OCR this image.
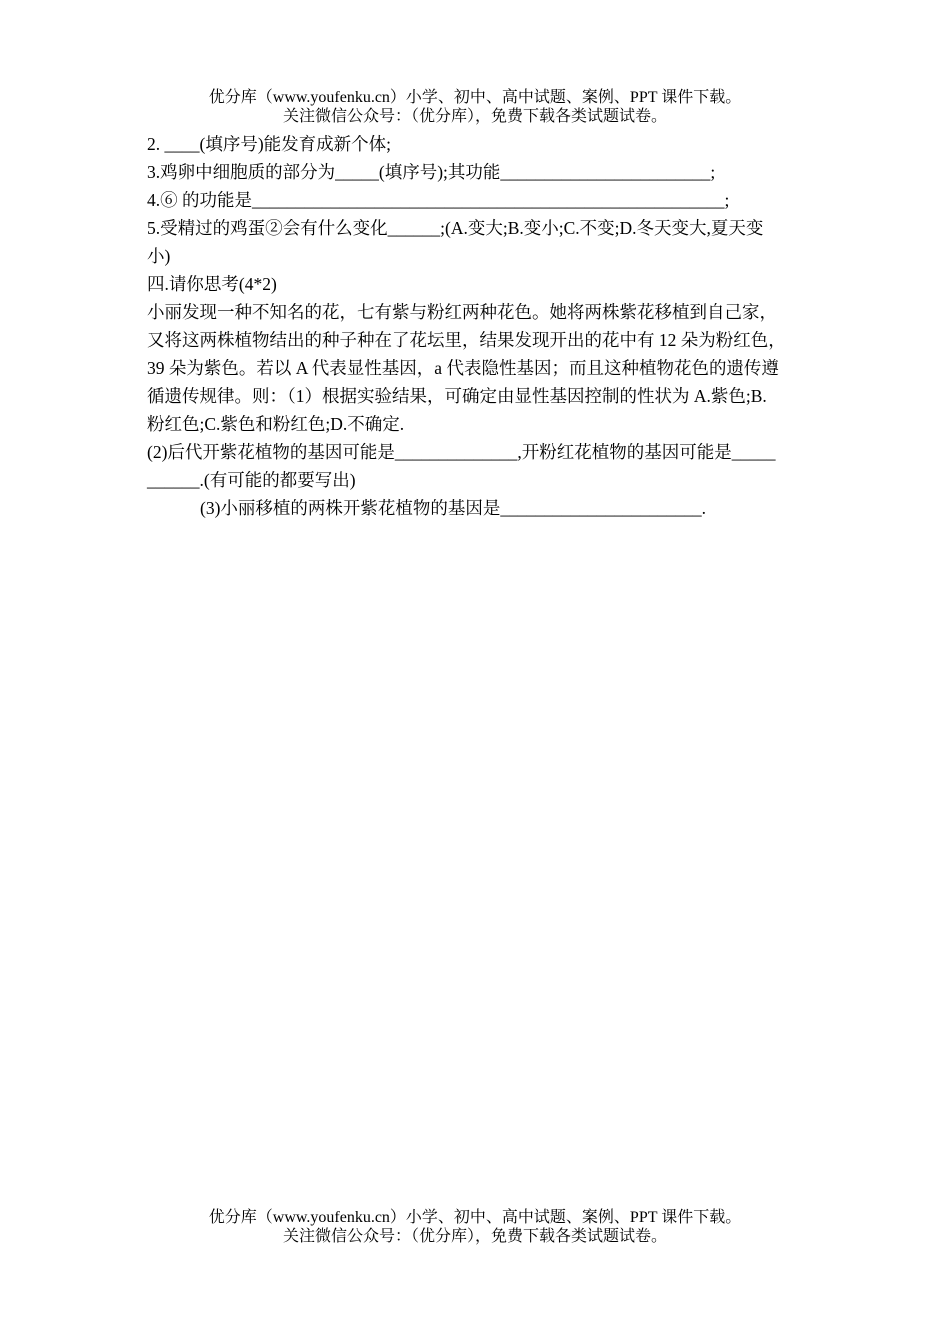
优分库（www.youfenku.cn）小学、初中、高中试题、案例、PPT 课件下载。
关注微信公众号：（优分库），免费下载各类试题试卷。

2. ____(填序号)能发育成新个体;

3.鸡卵中细胞质的部分为_____(填序号);其功能________________________;

4.⑥ 的功能是______________________________________________________;

5.受精过的鸡蛋②会有什么变化______;(A.变大;B.变小;C.不变;D.冬天变大,夏天变

小)

四.请你思考(4*2)

小丽发现一种不知名的花，七有紫与粉红两种花色。她将两株紫花移植到自己家，

又将这两株植物结出的种子种在了花坛里，结果发现开出的花中有 12 朵为粉红色，

39 朵为紫色。若以 A 代表显性基因，a 代表隐性基因；而且这种植物花色的遗传遵

循遗传规律。则：（1）根据实验结果，可确定由显性基因控制的性状为 A.紫色;B.

粉红色;C.紫色和粉红色;D.不确定.

(2)后代开紫花植物的基因可能是______________,开粉红花植物的基因可能是_____

______.(有可能的都要写出)

(3)小丽移植的两株开紫花植物的基因是_______________________.

优分库（www.youfenku.cn）小学、初中、高中试题、案例、PPT 课件下载。
关注微信公众号：（优分库），免费下载各类试题试卷。
